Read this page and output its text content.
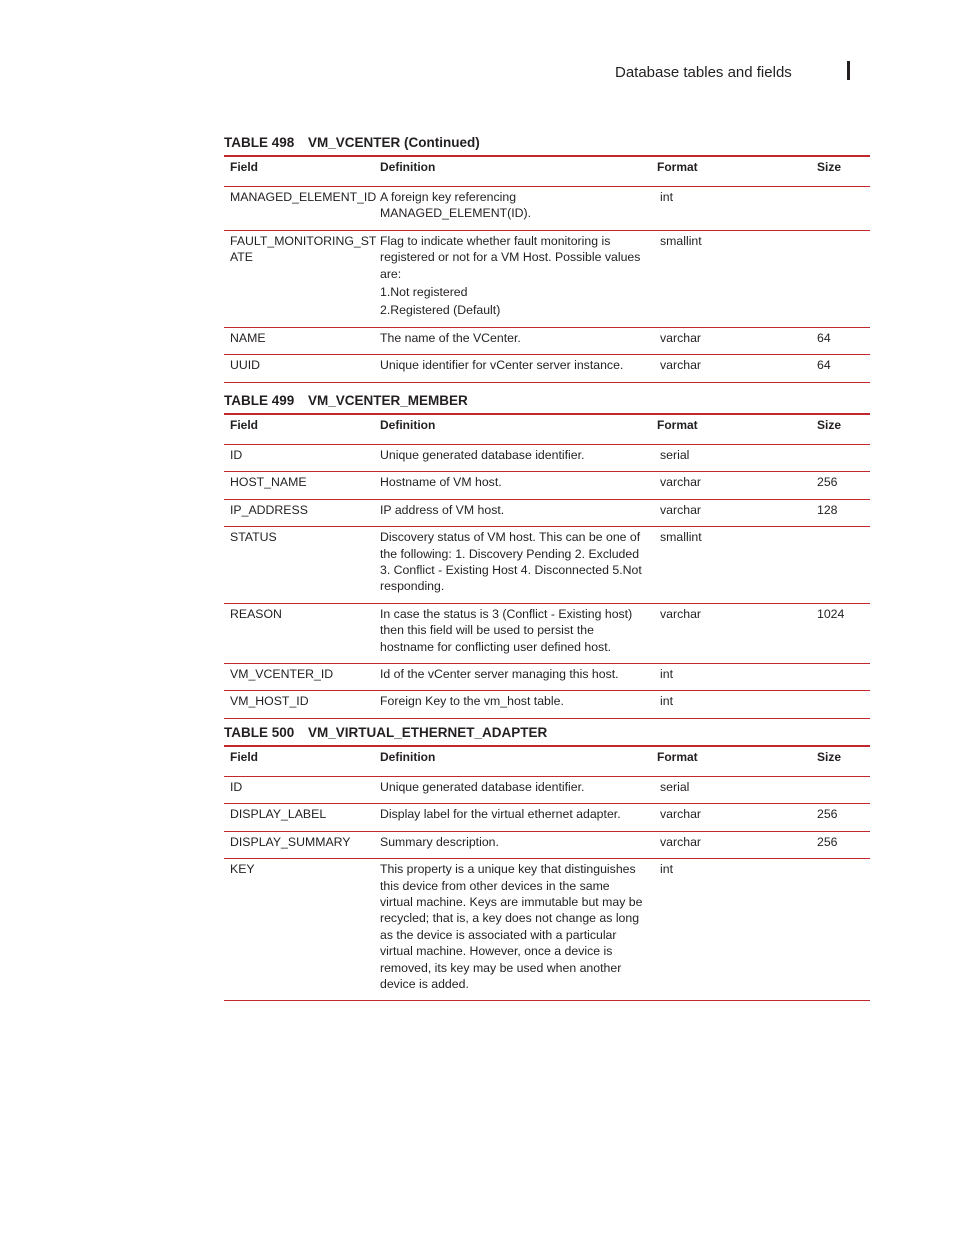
Database tables and fields
TABLE 498 VM_VCENTER (Continued)
Field	Definition	Format	Size
MANAGED_ELEMENT_ID	A foreign key referencing MANAGED_ELEMENT(ID).	int	
FAULT_MONITORING_ST ATE	Flag to indicate whether fault monitoring is registered or not for a VM Host. Possible values are:

1.Not registered

2.Registered (Default)	smallint	
NAME	The name of the VCenter.	varchar	64
UUID	Unique identifier for vCenter server instance.	varchar	64
TABLE 499 VM_VCENTER_MEMBER
Field	Definition	Format	Size
ID	Unique generated database identifier.	serial	
HOST_NAME	Hostname of VM host.	varchar	256
IP_ADDRESS	IP address of VM host.	varchar	128
STATUS	Discovery status of VM host. This can be one of the following: 1. Discovery Pending 2. Excluded 3. Conflict - Existing Host 4. Disconnected 5.Not responding.	smallint	
REASON	In case the status is 3 (Conflict - Existing host) then this field will be used to persist the hostname for conflicting user defined host.	varchar	1024
VM_VCENTER_ID	Id of the vCenter server managing this host.	int	
VM_HOST_ID	Foreign Key to the vm_host table.	int	
TABLE 500 VM_VIRTUAL_ETHERNET_ADAPTER
Field	Definition	Format	Size
ID	Unique generated database identifier.	serial	
DISPLAY_LABEL	Display label for the virtual ethernet adapter.	varchar	256
DISPLAY_SUMMARY	Summary description.	varchar	256
KEY	This property is a unique key that distinguishes this device from other devices in the same virtual machine. Keys are immutable but may be recycled; that is, a key does not change as long as the device is associated with a particular virtual machine. However, once a device is removed, its key may be used when another device is added.	int	
